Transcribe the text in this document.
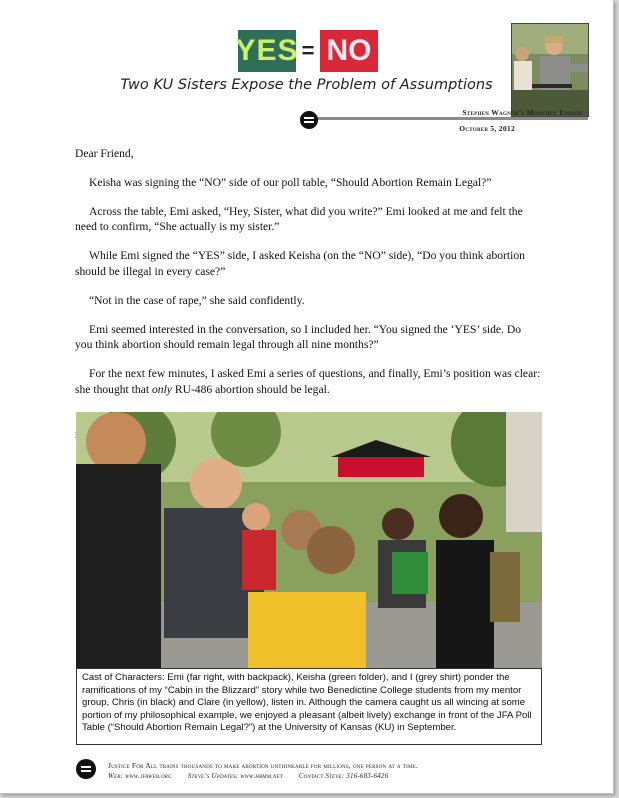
YES = NO
Two KU Sisters Expose the Problem of Assumptions
Stephen Wagner’s Monthly Update
October 5, 2012

Dear Friend,

Keisha was signing the “NO” side of our poll table, “Should Abortion Remain Legal?”

Across the table, Emi asked, “Hey, Sister, what did you write?” Emi looked at me and felt the need to confirm, “She actually is my sister.”

While Emi signed the “YES” side, I asked Keisha (on the “NO” side), “Do you think abortion should be illegal in every case?”

“Not in the case of rape,” she said confidently.

Emi seemed interested in the conversation, so I included her. “You signed the ‘YES’ side. Do you think abortion should remain legal through all nine months?”

For the next few minutes, I asked Emi a series of questions, and finally, Emi’s position was clear: she thought that only RU-486 abortion should be legal.

Cast of Characters: Emi (far right, with backpack), Keisha (green folder), and I (grey shirt) ponder the ramifications of my “Cabin in the Blizzard” story while two Benedictine College students from my mentor group, Chris (in black) and Clare (in yellow), listen in. Although the camera caught us all wincing at some portion of my philosophical example, we enjoyed a pleasant (albeit lively) exchange in front of the JFA Poll Table (“Should Abortion Remain Legal?”) at the University of Kansas (KU) in September.
Justice For All trains thousands to make abortion unthinkable for millions, one person at a time.
Web: www.jfaweb.org Steve’s Updates: www.hbmm.net Contact Steve: 316-683-6426
